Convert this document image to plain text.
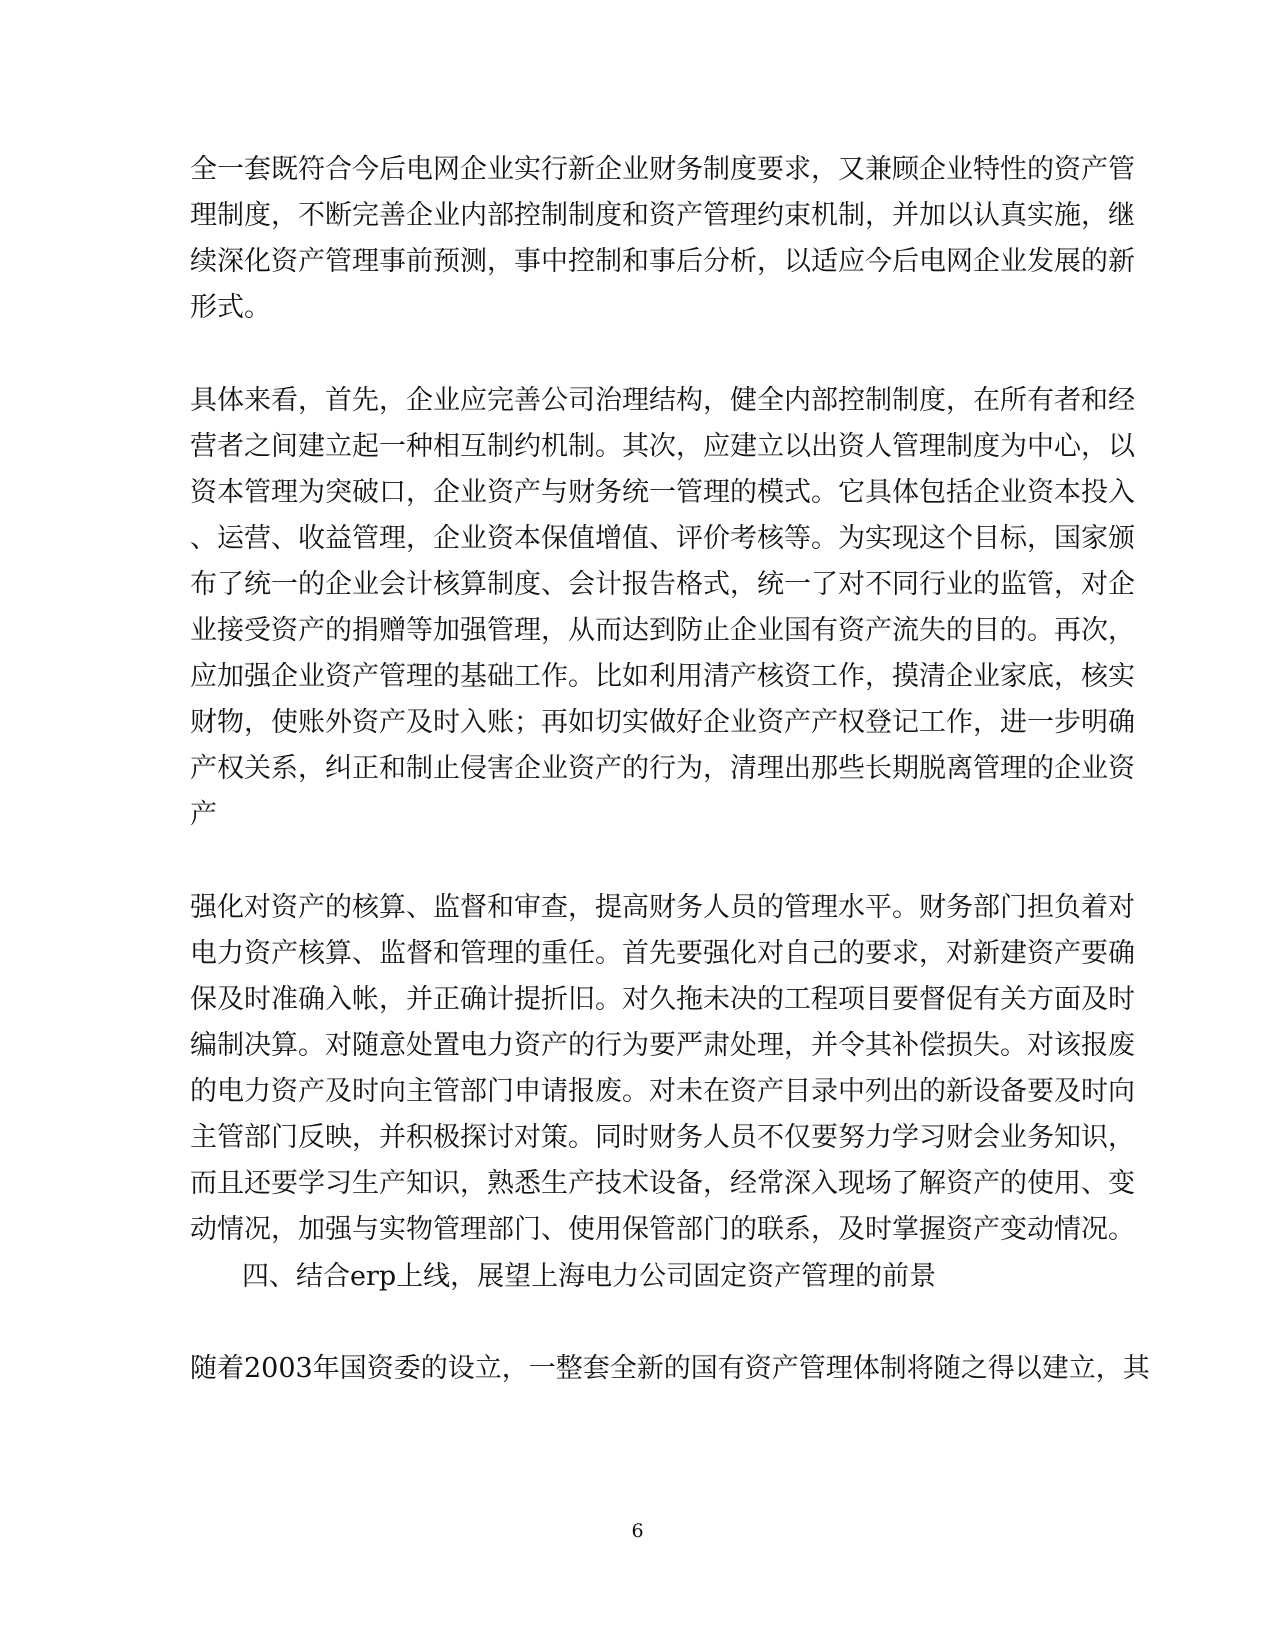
全一套既符合今后电网企业实行新企业财务制度要求，又兼顾企业特性的资产管
理制度，不断完善企业内部控制制度和资产管理约束机制，并加以认真实施，继
续深化资产管理事前预测，事中控制和事后分析，以适应今后电网企业发展的新
形式。
具体来看，首先，企业应完善公司治理结构，健全内部控制制度，在所有者和经
营者之间建立起一种相互制约机制。其次，应建立以出资人管理制度为中心，以
资本管理为突破口，企业资产与财务统一管理的模式。它具体包括企业资本投入
、运营、收益管理，企业资本保值增值、评价考核等。为实现这个目标，国家颁
布了统一的企业会计核算制度、会计报告格式，统一了对不同行业的监管，对企
业接受资产的捐赠等加强管理，从而达到防止企业国有资产流失的目的。再次，
应加强企业资产管理的基础工作。比如利用清产核资工作，摸清企业家底，核实
财物，使账外资产及时入账；再如切实做好企业资产产权登记工作，进一步明确
产权关系，纠正和制止侵害企业资产的行为，清理出那些长期脱离管理的企业资
产
强化对资产的核算、监督和审查，提高财务人员的管理水平。财务部门担负着对
电力资产核算、监督和管理的重任。首先要强化对自己的要求，对新建资产要确
保及时准确入帐，并正确计提折旧。对久拖未决的工程项目要督促有关方面及时
编制决算。对随意处置电力资产的行为要严肃处理，并令其补偿损失。对该报废
的电力资产及时向主管部门申请报废。对未在资产目录中列出的新设备要及时向
主管部门反映，并积极探讨对策。同时财务人员不仅要努力学习财会业务知识，
而且还要学习生产知识，熟悉生产技术设备，经常深入现场了解资产的使用、变
动情况，加强与实物管理部门、使用保管部门的联系，及时掌握资产变动情况。
四、结合erp上线，展望上海电力公司固定资产管理的前景
随着2003年国资委的设立，一整套全新的国有资产管理体制将随之得以建立，其
6
